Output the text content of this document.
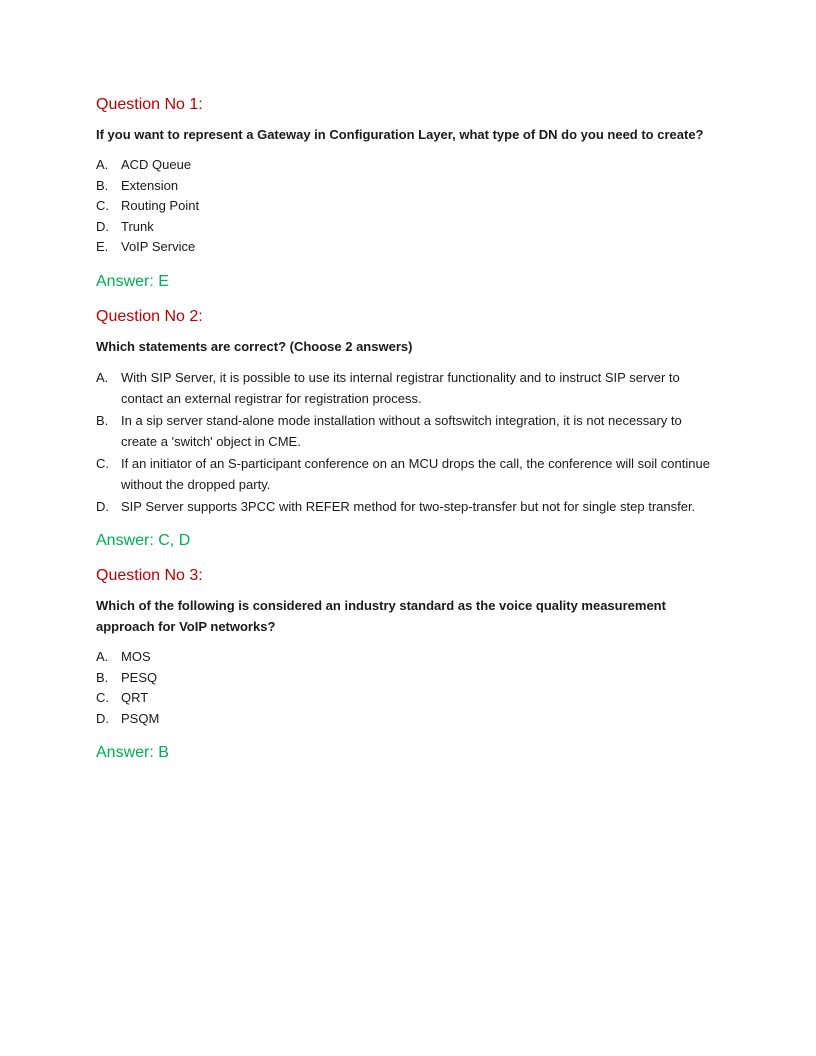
Question No 1:

If you want to represent a Gateway in Configuration Layer, what type of DN do you need to create?

A. ACD Queue
B. Extension
C. Routing Point
D. Trunk
E. VoIP Service
Answer: E
Question No 2:

Which statements are correct? (Choose 2 answers)

A. With SIP Server, it is possible to use its internal registrar functionality and to instruct SIP server to contact an external registrar for registration process.
B. In a sip server stand-alone mode installation without a softswitch integration, it is not necessary to create a 'switch' object in CME.
C. If an initiator of an S-participant conference on an MCU drops the call, the conference will soil continue without the dropped party.
D. SIP Server supports 3PCC with REFER method for two-step-transfer but not for single step transfer.
Answer: C, D
Question No 3:

Which of the following is considered an industry standard as the voice quality measurement approach for VoIP networks?

A. MOS
B. PESQ
C. QRT
D. PSQM
Answer: B
